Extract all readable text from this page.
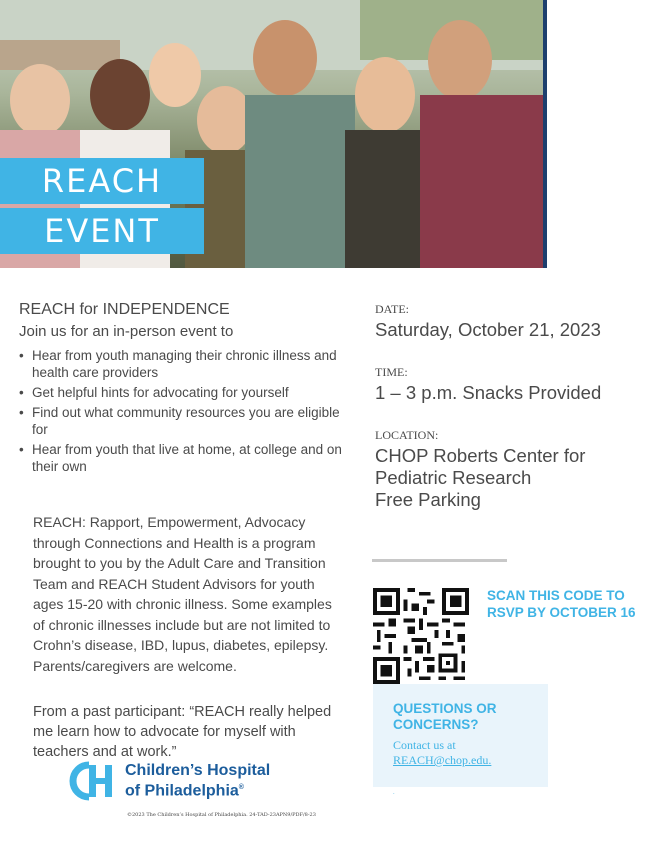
REACH
EVENT

REACH for INDEPENDENCE

Join us for an in-person event to

• Hear from youth managing their chronic illness and health care providers
• Get helpful hints for advocating for yourself
• Find out what community resources you are eligible for
• Hear from youth that live at home, at college and on their own

REACH: Rapport, Empowerment, Advocacy through Connections and Health is a program brought to you by the Adult Care and Transition Team and REACH Student Advisors for youth ages 15-20 with chronic illness. Some examples of chronic illnesses include but are not limited to Crohn’s disease, IBD, lupus, diabetes, epilepsy. Parents/caregivers are welcome.

From a past participant: “REACH really helped me learn how to advocate for myself with teachers and at work.”

Children’s Hospital
of Philadelphia®
©2023 The Children’s Hospital of Philadelphia. 24-TAD-23APN9/PDF/8-23

DATE:

Saturday, October 21, 2023

TIME:

1 – 3 p.m. Snacks Provided

LOCATION:

CHOP Roberts Center for

Pediatric Research

Free Parking

SCAN THIS CODE TO RSVP BY OCTOBER 16
QUESTIONS OR CONCERNS?
Contact us at
REACH@chop.edu.
.
